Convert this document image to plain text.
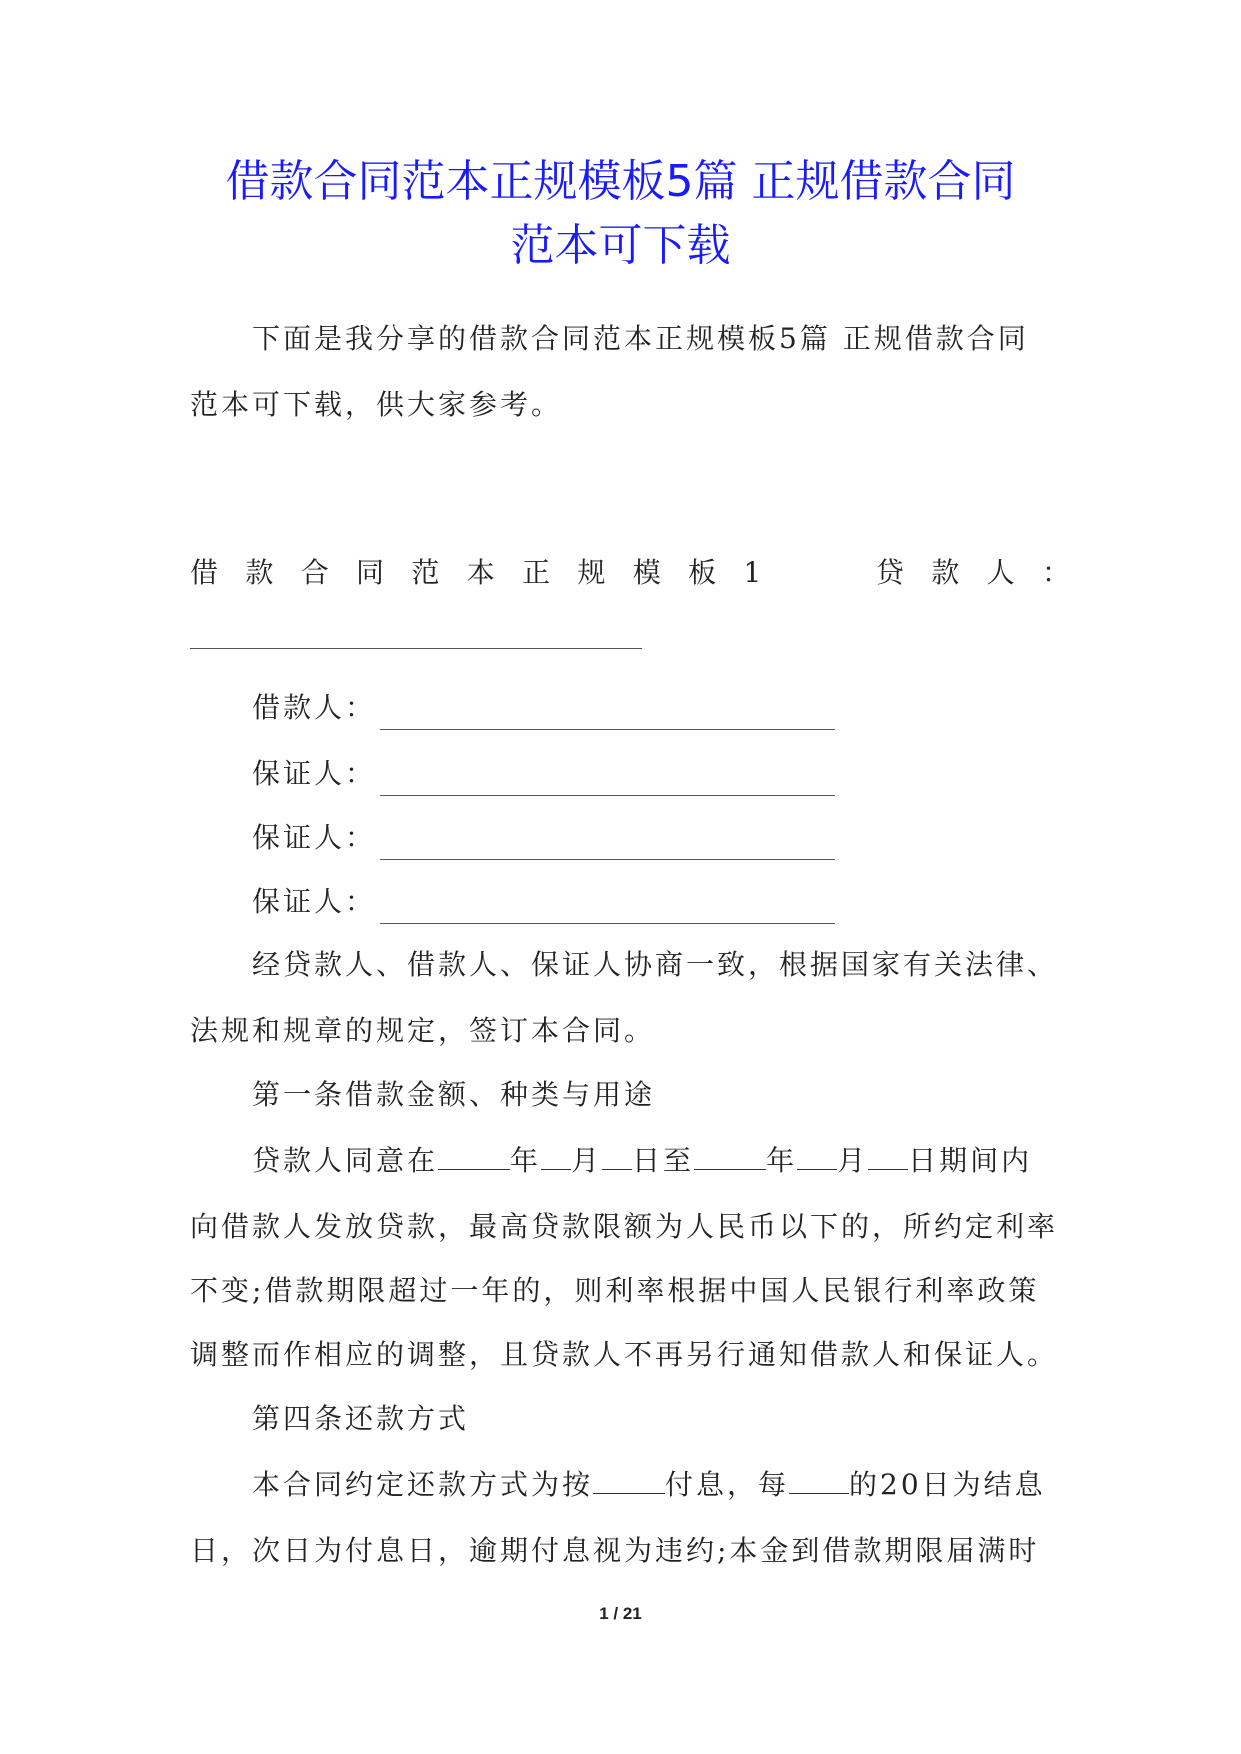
借款合同范本正规模板5篇 正规借款合同
范本可下载

下面是我分享的借款合同范本正规模板5篇 正规借款合同

范本可下载，供大家参考。

借 款 合 同 范 本 正 规 模 板 1	贷 款 人 ：
借款人：
保证人：
保证人：
保证人：

经贷款人、借款人、保证人协商一致，根据国家有关法律、

法规和规章的规定，签订本合同。

第一条借款金额、种类与用途

贷款人同意在	年 月 日至	年 月 日期间内

向借款人发放贷款，最高贷款限额为人民币以下的，所约定利率

不变;借款期限超过一年的，则利率根据中国人民银行利率政策

调整而作相应的调整，且贷款人不再另行通知借款人和保证人。

第四条还款方式

本合同约定还款方式为按	付息，每 的20日为结息

日，次日为付息日，逾期付息视为违约;本金到借款期限届满时

1 / 21
